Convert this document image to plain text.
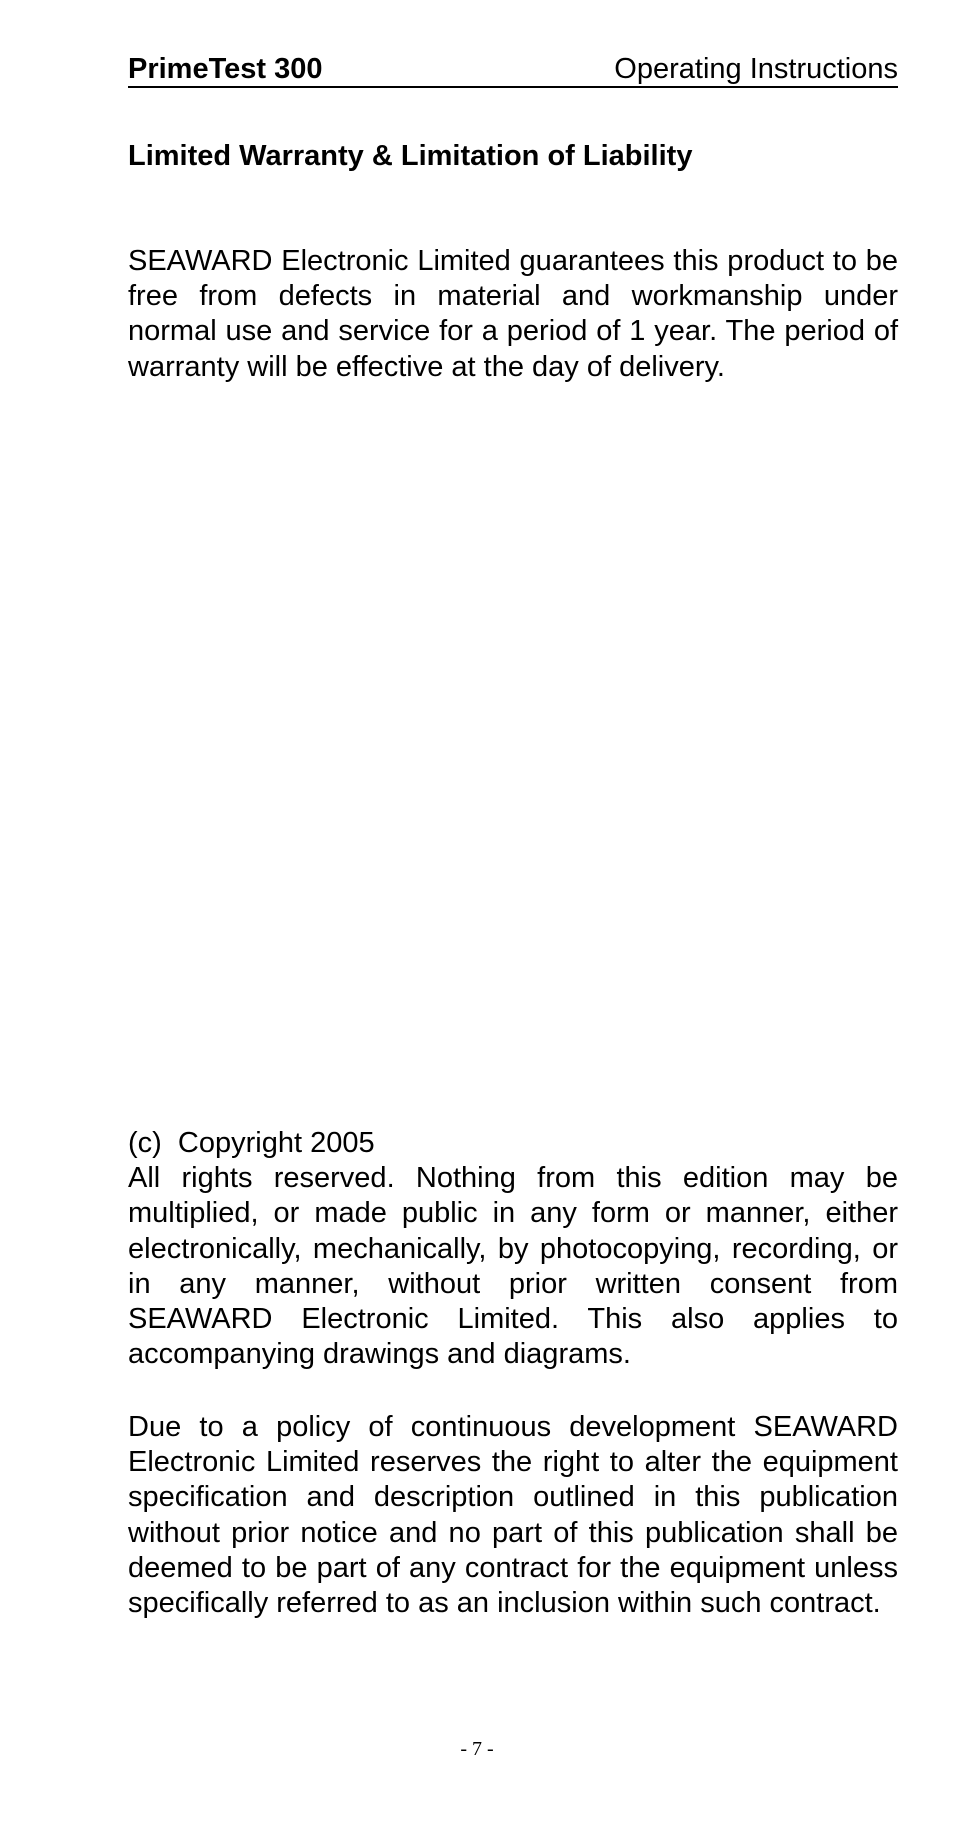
PrimeTest 300	Operating Instructions
Limited Warranty & Limitation of Liability

SEAWARD Electronic Limited guarantees this product to be free from defects in material and workmanship under normal use and service for a period of 1 year. The period of warranty will be effective at the day of delivery.

(c)  Copyright 2005

All rights reserved. Nothing from this edition may be multiplied, or made public in any form or manner, either electronically, mechanically, by photocopying, recording, or in any manner, without prior written consent from SEAWARD Electronic Limited. This also applies to accompanying drawings and diagrams.

Due to a policy of continuous development SEAWARD Electronic Limited reserves the right to alter the equipment specification and description outlined in this publication without prior notice and no part of this publication shall be deemed to be part of any contract for the equipment unless specifically referred to as an inclusion within such contract.

- 7 -
